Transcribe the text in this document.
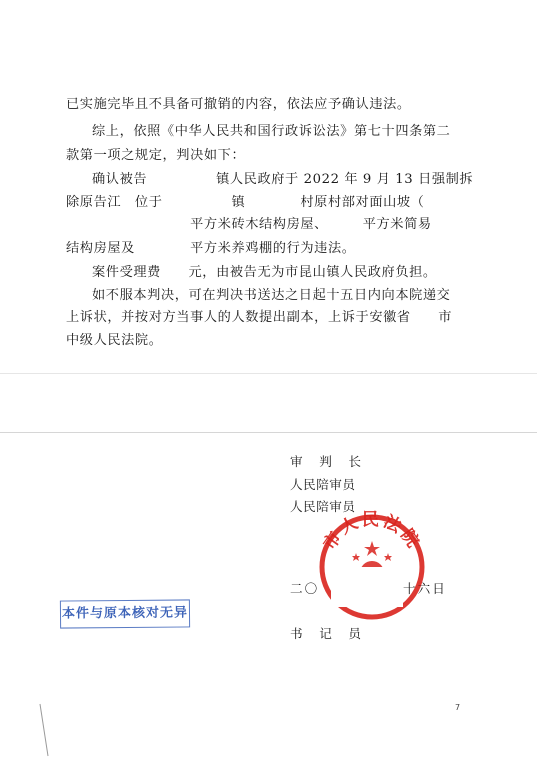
已实施完毕且不具备可撤销的内容，依法应予确认违法。
综上，依照《中华人民共和国行政诉讼法》第七十四条第二
款第一项之规定，判决如下：
确认被告　　　　　镇人民政府于 2022 年 9 月 13 日强制拆
除原告江　位于　　　　　镇　　　　村原村部对面山坡（
　　　　　　　　　平方米砖木结构房屋、　　　平方米简易
结构房屋及　　　　平方米养鸡棚的行为违法。
案件受理费　　元，由被告无为市昆山镇人民政府负担。
如不服本判决，可在判决书送达之日起十五日内向本院递交
上诉状，并按对方当事人的人数提出副本，上诉于安徽省　　市
中级人民法院。
审　判　长
人民陪审员
人民陪审员
市人民法院
二〇	十六日
本件与原本核对无异
书　记　员
7
